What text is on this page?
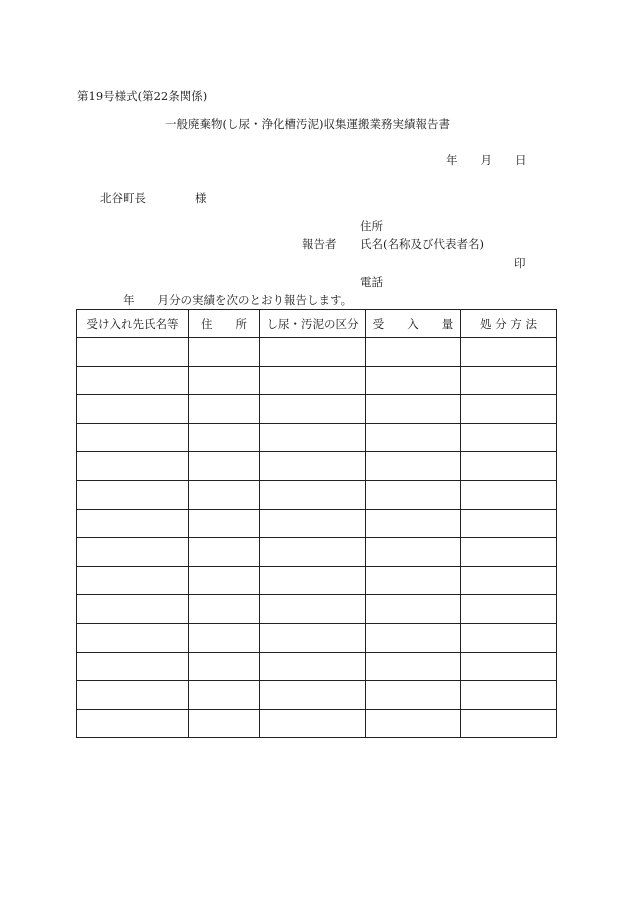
第19号様式(第22条関係)
一般廃棄物(し尿・浄化槽汚泥)収集運搬業務実績報告書
年　　月　　日
北谷町長	様
住所
報告者 氏名(名称及び代表者名)
印
電話
年　　月分の実績を次のとおり報告します。
受け入れ先氏名等	住　　所	し尿・汚泥の区分	受　　入　　量	処 分 方 法
